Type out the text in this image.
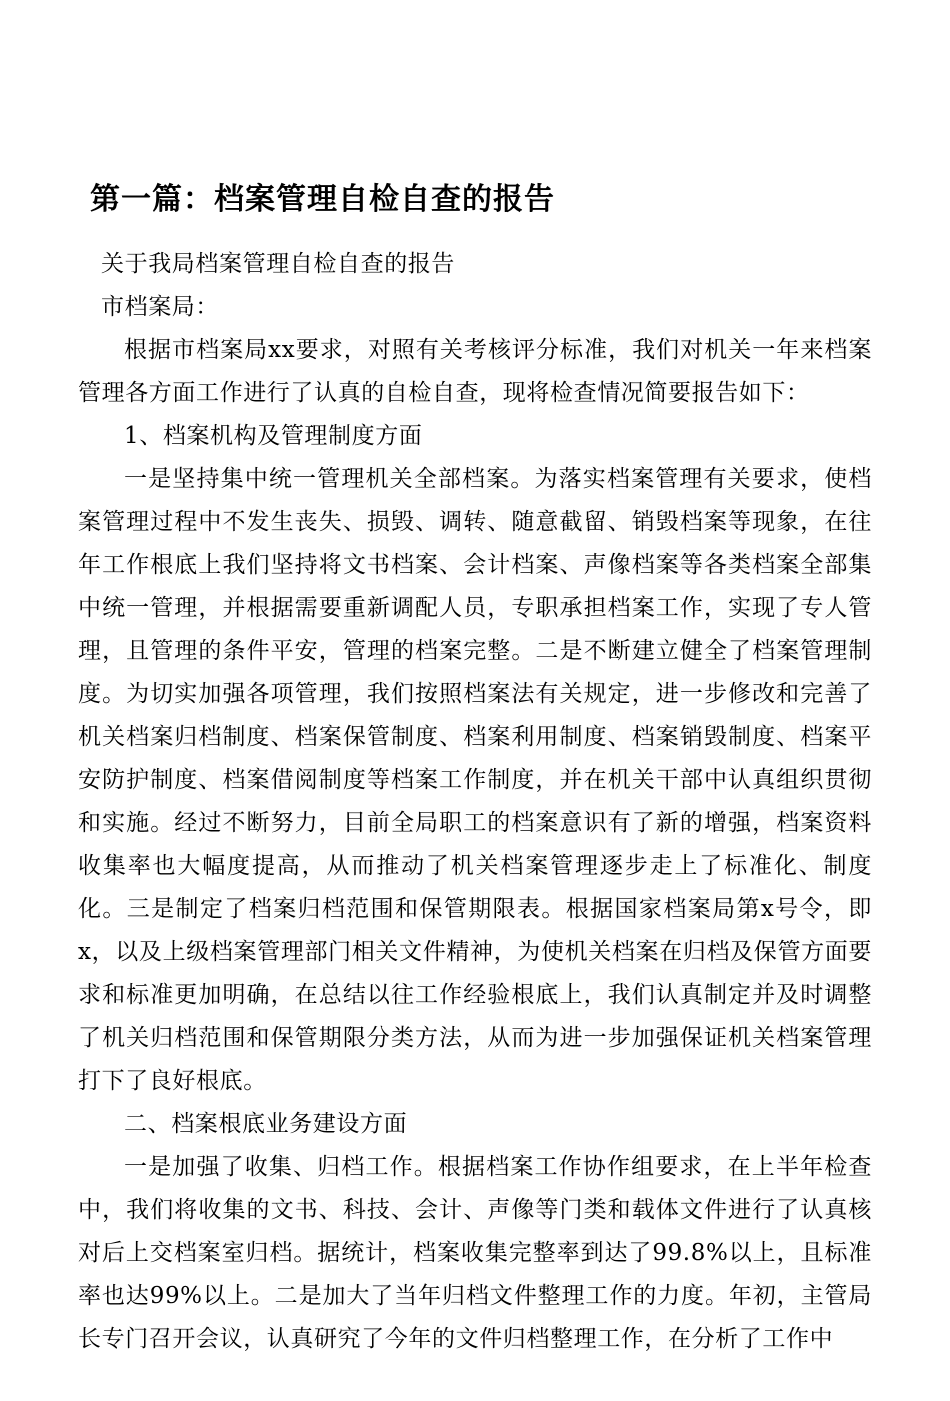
第一篇：档案管理自检自查的报告

关于我局档案管理自检自查的报告

市档案局：

根据市档案局xx要求，对照有关考核评分标准，我们对机关一年来档案管理各方面工作进行了认真的自检自查，现将检查情况简要报告如下：

1、档案机构及管理制度方面

一是坚持集中统一管理机关全部档案。为落实档案管理有关要求，使档案管理过程中不发生丧失、损毁、调转、随意截留、销毁档案等现象，在往年工作根底上我们坚持将文书档案、会计档案、声像档案等各类档案全部集中统一管理，并根据需要重新调配人员，专职承担档案工作，实现了专人管理，且管理的条件平安，管理的档案完整。二是不断建立健全了档案管理制度。为切实加强各项管理，我们按照档案法有关规定，进一步修改和完善了机关档案归档制度、档案保管制度、档案利用制度、档案销毁制度、档案平安防护制度、档案借阅制度等档案工作制度，并在机关干部中认真组织贯彻和实施。经过不断努力，目前全局职工的档案意识有了新的增强，档案资料收集率也大幅度提高，从而推动了机关档案管理逐步走上了标准化、制度化。三是制定了档案归档范围和保管期限表。根据国家档案局第x号令，即x，以及上级档案管理部门相关文件精神，为使机关档案在归档及保管方面要求和标准更加明确，在总结以往工作经验根底上，我们认真制定并及时调整了机关归档范围和保管期限分类方法，从而为进一步加强保证机关档案管理打下了良好根底。

二、档案根底业务建设方面

一是加强了收集、归档工作。根据档案工作协作组要求，在上半年检查中，我们将收集的文书、科技、会计、声像等门类和载体文件进行了认真核对后上交档案室归档。据统计，档案收集完整率到达了99.8%以上，且标准率也达99%以上。二是加大了当年归档文件整理工作的力度。年初，主管局长专门召开会议，认真研究了今年的文件归档整理工作，在分析了工作中
